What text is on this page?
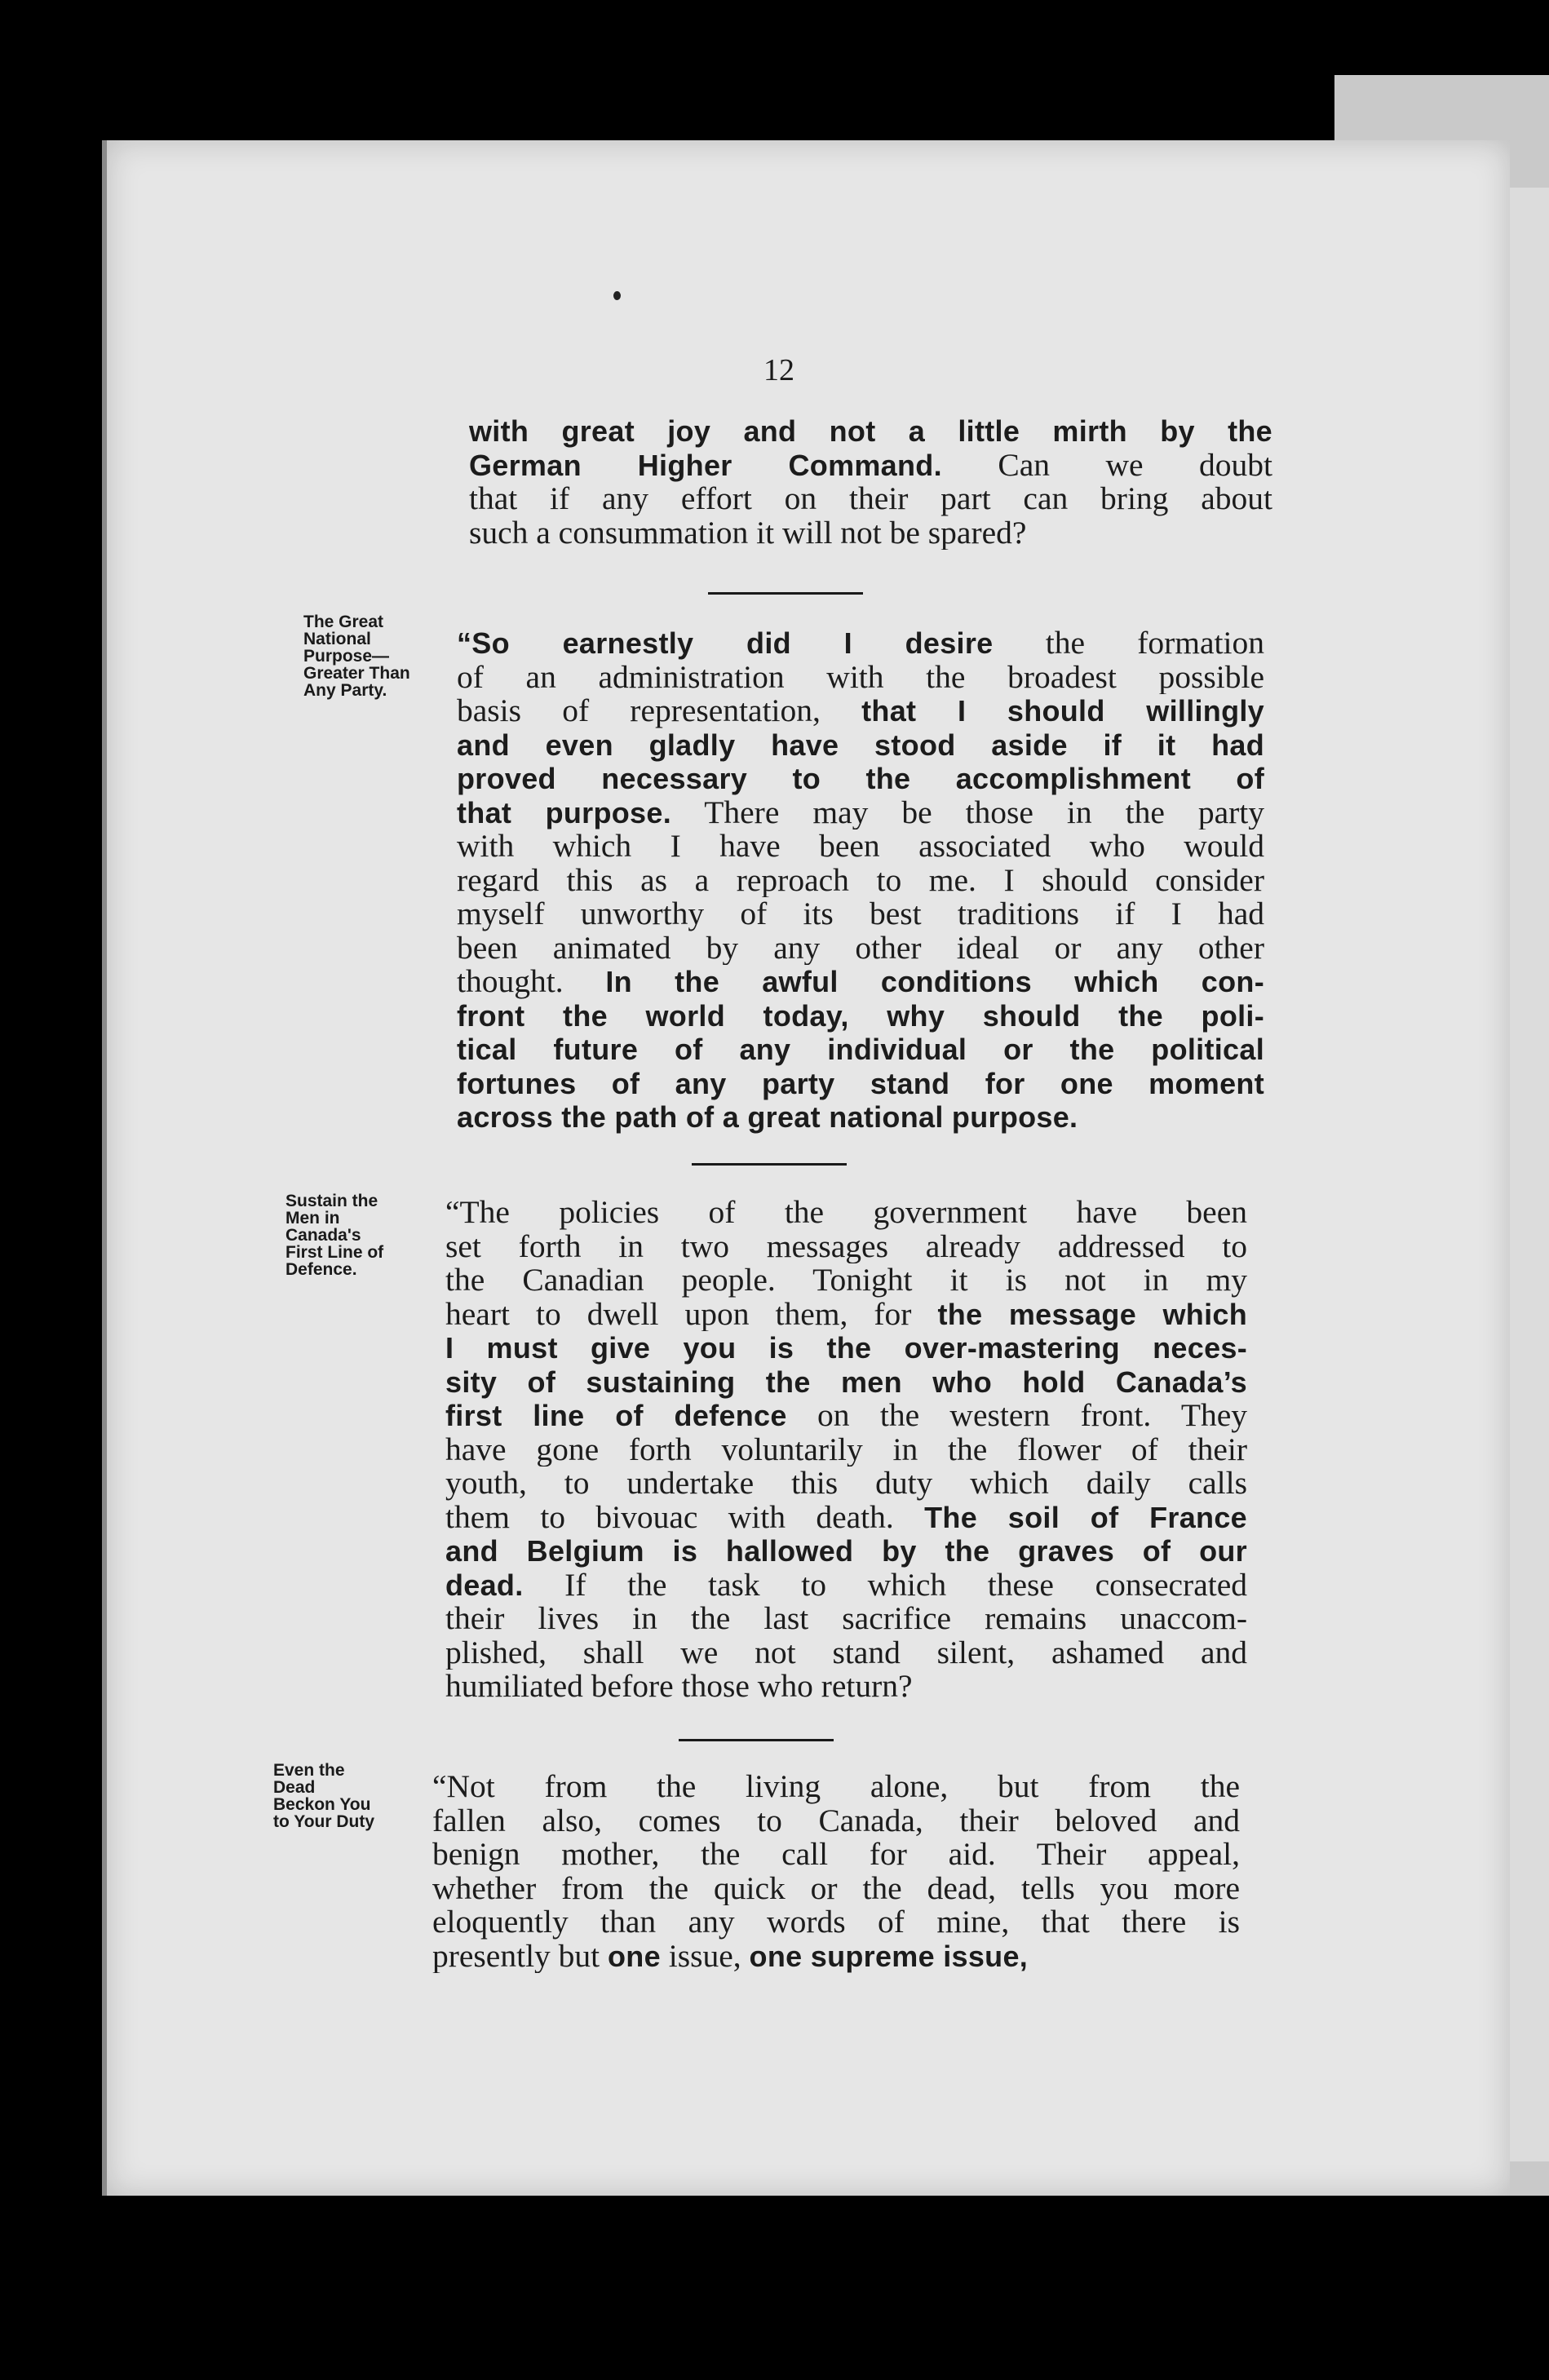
12
The Great
National
Purpose—
Greater Than
Any Party.
Sustain the
Men in
Canada's
First Line of
Defence.
Even the
Dead
Beckon You
to Your Duty
with great joy and not a little mirth by the
German Higher Command. Can we doubt
that if any effort on their part can bring about
such a consummation it will not be spared?
“So earnestly did I desire the formation
of an administration with the broadest possible
basis of representation, that I should willingly
and even gladly have stood aside if it had
proved necessary to the accomplishment of
that purpose. There may be those in the party
with which I have been associated who would
regard this as a reproach to me. I should consider
myself unworthy of its best traditions if I had
been animated by any other ideal or any other
thought. In the awful conditions which con-
front the world today, why should the poli-
tical future of any individual or the political
fortunes of any party stand for one moment
across the path of a great national purpose.
“The policies of the government have been
set forth in two messages already addressed to
the Canadian people. Tonight it is not in my
heart to dwell upon them, for the message which
I must give you is the over-mastering neces-
sity of sustaining the men who hold Canada’s
first line of defence on the western front. They
have gone forth voluntarily in the flower of their
youth, to undertake this duty which daily calls
them to bivouac with death. The soil of France
and Belgium is hallowed by the graves of our
dead. If the task to which these consecrated
their lives in the last sacrifice remains unaccom-
plished, shall we not stand silent, ashamed and
humiliated before those who return?
“Not from the living alone, but from the
fallen also, comes to Canada, their beloved and
benign mother, the call for aid. Their appeal,
whether from the quick or the dead, tells you more
eloquently than any words of mine, that there is
presently but one issue, one supreme issue,
